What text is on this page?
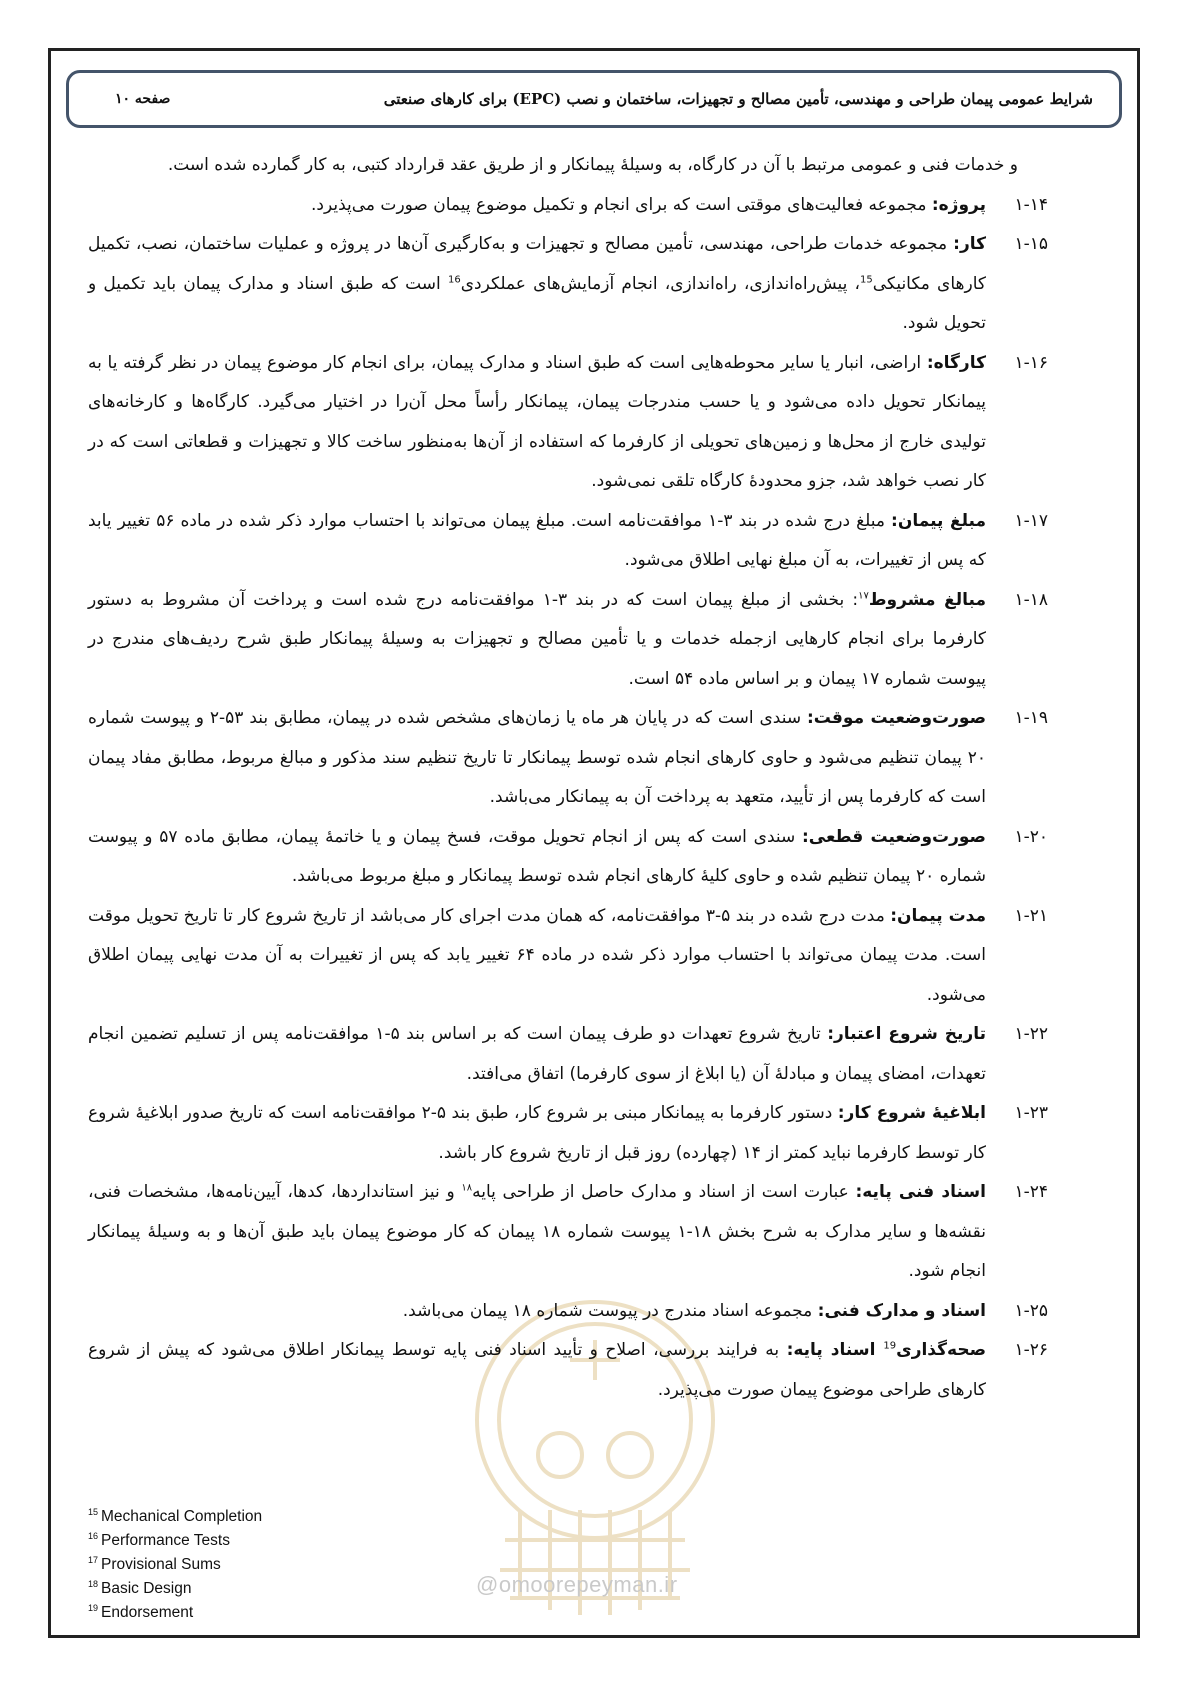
شرایط عمومی پیمان طراحی و مهندسی، تأمین مصالح و تجهیزات، ساختمان و نصب (EPC) برای کارهای صنعتی
صفحه ۱۰

و خدمات فنی و عمومی مرتبط با آن در کارگاه، به وسیلهٔ پیمانکار و از طریق عقد قرارداد کتبی، به کار گمارده شده است.

۱-۱۴
پروژه: مجموعه فعالیت‌های موقتی است که برای انجام و تکمیل موضوع پیمان صورت می‌پذیرد.

۱-۱۵
کار: مجموعه خدمات طراحی، مهندسی، تأمین مصالح و تجهیزات و به‌کارگیری آن‌ها در پروژه و عملیات ساختمان، نصب، تکمیل کارهای مکانیکی$^{15}$، پیش‌راه‌اندازی، راه‌اندازی، انجام آزمایش‌های عملکردی$^{16}$ است که طبق اسناد و مدارک پیمان باید تکمیل و تحویل شود.

۱-۱۶
کارگاه: اراضی، انبار یا سایر محوطه‌هایی است که طبق اسناد و مدارک پیمان، برای انجام کار موضوع پیمان در نظر گرفته یا به پیمانکار تحویل داده می‌شود و یا حسب مندرجات پیمان، پیمانکار رأساً محل آن‌را در اختیار می‌گیرد. کارگاه‌ها و کارخانه‌های تولیدی خارج از محل‌ها و زمین‌های تحویلی از کارفرما که استفاده از آن‌ها به‌منظور ساخت کالا و تجهیزات و قطعاتی است که در کار نصب خواهد شد، جزو محدودهٔ کارگاه تلقی نمی‌شود.

۱-۱۷
مبلغ پیمان: مبلغ درج شده در بند ۳-۱ موافقت‌نامه است. مبلغ پیمان می‌تواند با احتساب موارد ذکر شده در ماده ۵۶ تغییر یابد که پس از تغییرات، به آن مبلغ نهایی اطلاق می‌شود.

۱-۱۸
مبالغ مشروط$^{۱۷}$: بخشی از مبلغ پیمان است که در بند ۳-۱ موافقت‌نامه درج شده است و پرداخت آن مشروط به دستور کارفرما برای انجام کارهایی ازجمله خدمات و یا تأمین مصالح و تجهیزات به وسیلهٔ پیمانکار طبق شرح ردیف‌های مندرج در پیوست شماره ۱۷ پیمان و بر اساس ماده ۵۴ است.

۱-۱۹
صورت‌وضعیت موقت: سندی است که در پایان هر ماه یا زمان‌های مشخص شده در پیمان، مطابق بند ۵۳-۲ و پیوست شماره ۲۰ پیمان تنظیم می‌شود و حاوی کارهای انجام شده توسط پیمانکار تا تاریخ تنظیم سند مذکور و مبالغ مربوط، مطابق مفاد پیمان است که کارفرما پس از تأیید، متعهد به پرداخت آن به پیمانکار می‌باشد.

۱-۲۰
صورت‌وضعیت قطعی: سندی است که پس از انجام تحویل موقت، فسخ پیمان و یا خاتمهٔ پیمان، مطابق ماده ۵۷ و پیوست شماره ۲۰ پیمان تنظیم شده و حاوی کلیهٔ کارهای انجام شده توسط پیمانکار و مبلغ مربوط می‌باشد.

۱-۲۱
مدت پیمان: مدت درج شده در بند ۵-۳ موافقت‌نامه، که همان مدت اجرای کار می‌باشد از تاریخ شروع کار تا تاریخ تحویل موقت است. مدت پیمان می‌تواند با احتساب موارد ذکر شده در ماده ۶۴ تغییر یابد که پس از تغییرات به آن مدت نهایی پیمان اطلاق می‌شود.

۱-۲۲
تاریخ شروع اعتبار: تاریخ شروع تعهدات دو طرف پیمان است که بر اساس بند ۵-۱ موافقت‌نامه پس از تسلیم تضمین انجام تعهدات، امضای پیمان و مبادلهٔ آن (یا ابلاغ از سوی کارفرما) اتفاق می‌افتد.

۱-۲۳
ابلاغیهٔ شروع کار: دستور کارفرما به پیمانکار مبنی بر شروع کار، طبق بند ۵-۲ موافقت‌نامه است که تاریخ صدور ابلاغیهٔ شروع کار توسط کارفرما نباید کمتر از ۱۴ (چهارده) روز قبل از تاریخ شروع کار باشد.

۱-۲۴
اسناد فنی پایه: عبارت است از اسناد و مدارک حاصل از طراحی پایه$^{۱۸}$ و نیز استانداردها، کدها، آیین‌نامه‌ها، مشخصات فنی، نقشه‌ها و سایر مدارک به شرح بخش ۱۸-۱ پیوست شماره ۱۸ پیمان که کار موضوع پیمان باید طبق آن‌ها و به وسیلهٔ پیمانکار انجام شود.

۱-۲۵
اسناد و مدارک فنی: مجموعه اسناد مندرج در پیوست شماره ۱۸ پیمان می‌باشد.

۱-۲۶
صحه‌گذاری$^{19}$ اسناد پایه: به فرایند بررسی، اصلاح و تأیید اسناد فنی پایه توسط پیمانکار اطلاق می‌شود که پیش از شروع کارهای طراحی موضوع پیمان صورت می‌پذیرد.

@omoorepeyman.ir
$^{15}$ Mechanical Completion
$^{16}$ Performance Tests
$^{17}$ Provisional Sums
$^{18}$ Basic Design
$^{19}$ Endorsement
